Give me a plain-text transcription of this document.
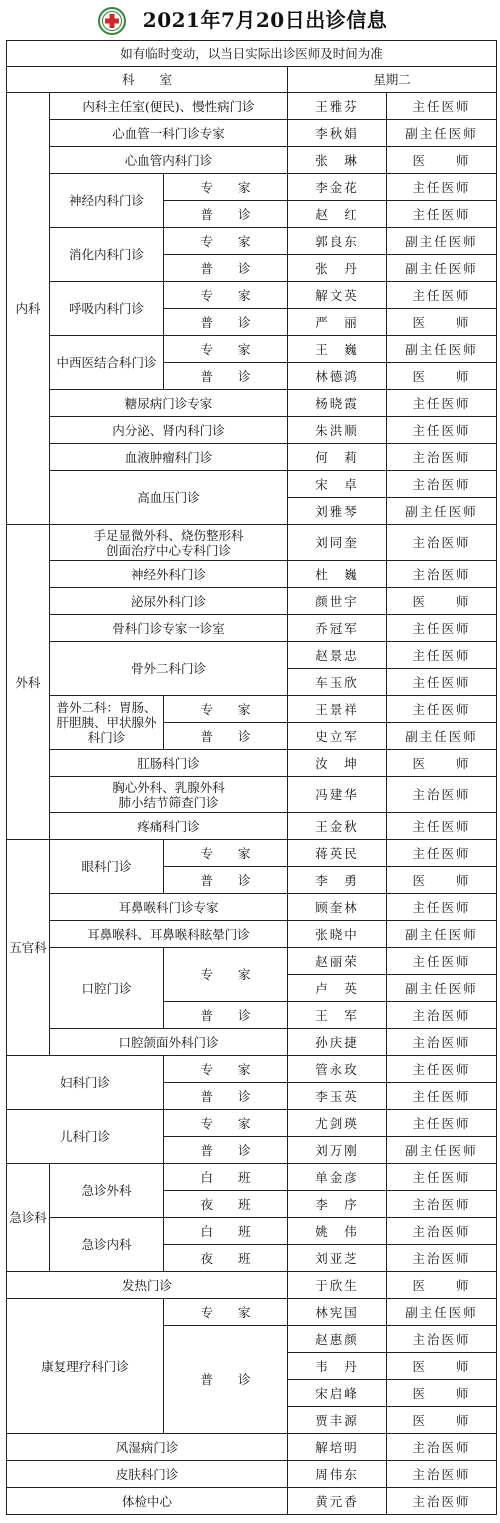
2021年7月20日出诊信息
如有临时变动，以当日实际出诊医师及时间为准				
科　　室			星期二	
内科	内科主任室(便民)、慢性病门诊		王雅芬	主任医师
	心血管一科门诊专家		李秋娟	副主任医师
	心血管内科门诊		张　琳	医　　师
	神经内科门诊	专　　家	李金花	主任医师
		普　　诊	赵　红	主任医师
	消化内科门诊	专　　家	郭良东	副主任医师
		普　　诊	张　丹	副主任医师
	呼吸内科门诊	专　　家	解文英	主任医师
		普　　诊	严　丽	医　　师
	中西医结合科门诊	专　　家	王　巍	副主任医师
		普　　诊	林德鸿	医　　师
	糖尿病门诊专家		杨晓霞	主任医师
	内分泌、肾内科门诊		朱洪顺	主任医师
	血液肿瘤科门诊		何　莉	主治医师
	高血压门诊		宋　卓	主治医师
			刘雅琴	副主任医师
外科	手足显微外科、烧伤整形科
创面治疗中心专科门诊		刘同奎	主治医师
	神经外科门诊		杜　巍	主治医师
	泌尿外科门诊		颜世宇	医　　师
	骨科门诊专家一诊室		乔冠军	主任医师
	骨外二科门诊		赵景忠	主任医师
			车玉欣	主任医师
	普外二科：胃肠、
肝胆胰、甲状腺外
科门诊	专　　家	王景祥	主任医师
		普　　诊	史立军	副主任医师
	肛肠科门诊		汝　坤	医　　师
	胸心外科、乳腺外科
肺小结节筛查门诊		冯建华	主治医师
	疼痛科门诊		王金秋	主任医师
五官科	眼科门诊	专　　家	蒋英民	主任医师
		普　　诊	李　勇	医　　师
	耳鼻喉科门诊专家		顾奎林	主任医师
	耳鼻喉科、耳鼻喉科眩晕门诊		张晓中	副主任医师
	口腔门诊	专　　家	赵丽荣	主任医师
			卢　英	副主任医师
		普　　诊	王　军	主治医师
	口腔颌面外科门诊		孙庆捷	主治医师
妇科门诊		专　　家	管永玫	主任医师
		普　　诊	李玉英	主任医师
儿科门诊		专　　家	尤剑瑛	主任医师
		普　　诊	刘万刚	副主任医师
急诊科	急诊外科	白　　班	单金彦	主任医师
		夜　　班	李　序	主治医师
	急诊内科	白　　班	姚　伟	主治医师
		夜　　班	刘亚芝	主治医师
发热门诊			于欣生	医　　师
康复理疗科门诊		专　　家	林宪国	副主任医师
		普　　诊	赵惠颜	主治医师
			韦　丹	医　　师
			宋启峰	医　　师
			贾丰源	医　　师
风湿病门诊			解培明	主治医师
皮肤科门诊			周伟东	主治医师
体检中心			黄元香	主治医师
